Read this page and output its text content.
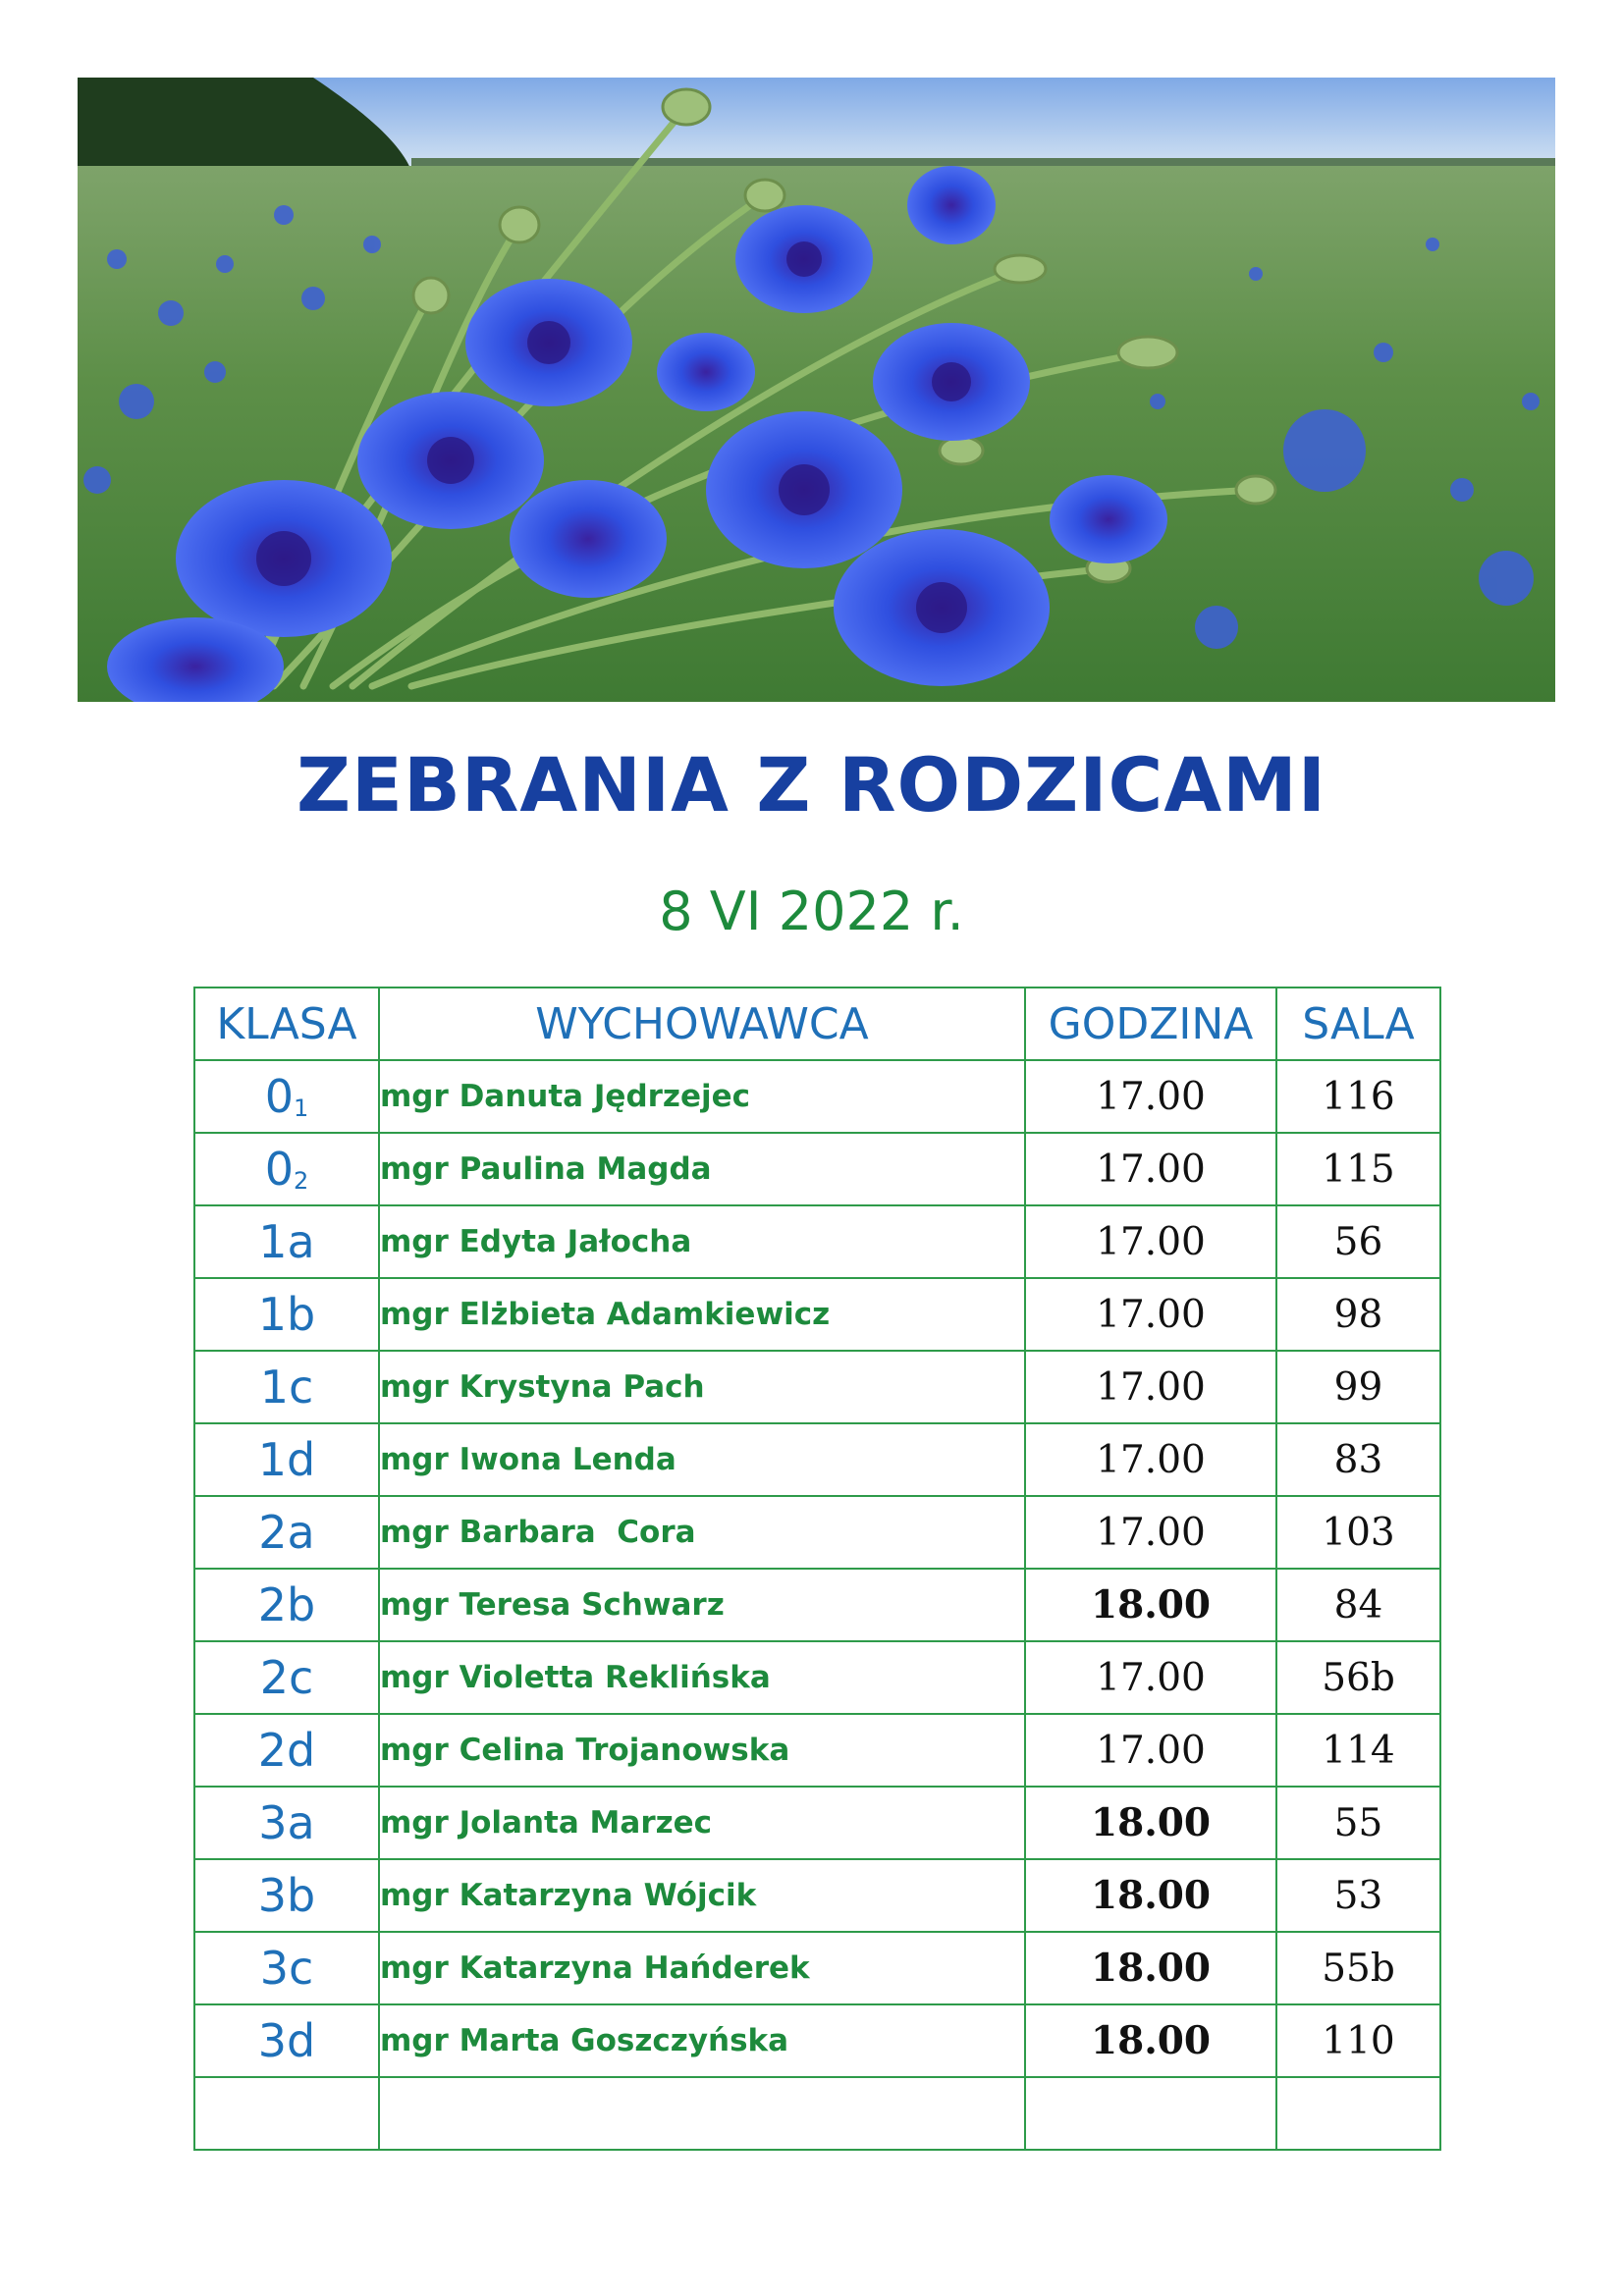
ZEBRANIA Z RODZICAMI
8 VI 2022 r.
KLASA	WYCHOWAWCA	GODZINA	SALA
$0_1$	mgr Danuta Jędrzejec	17.00	116
$0_2$	mgr Paulina Magda	17.00	115
1a	mgr Edyta Jałocha	17.00	56
1b	mgr Elżbieta Adamkiewicz	17.00	98
1c	mgr Krystyna Pach	17.00	99
1d	mgr Iwona Lenda	17.00	83
2a	mgr Barbara  Cora	17.00	103
2b	mgr Teresa Schwarz	18.00	84
2c	mgr Violetta Reklińska	17.00	56b
2d	mgr Celina Trojanowska	17.00	114
3a	mgr Jolanta Marzec	18.00	55
3b	mgr Katarzyna Wójcik	18.00	53
3c	mgr Katarzyna Hańderek	18.00	55b
3d	mgr Marta Goszczyńska	18.00	110
